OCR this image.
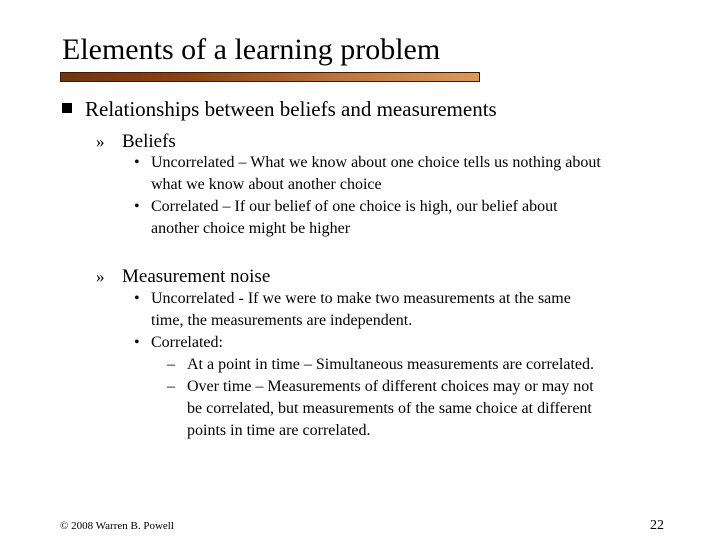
Elements of a learning problem
Relationships between beliefs and measurements
» Beliefs
• Uncorrelated – What we know about one choice tells us nothing about

what we know about another choice

• Correlated – If our belief of one choice is high, our belief about

another choice might be higher

» Measurement noise
• Uncorrelated - If we were to make two measurements at the same

time, the measurements are independent.

• Correlated:

– At a point in time – Simultaneous measurements are correlated.

– Over time – Measurements of different choices may or may not

be correlated, but measurements of the same choice at different

points in time are correlated.

© 2008 Warren B. Powell	22
